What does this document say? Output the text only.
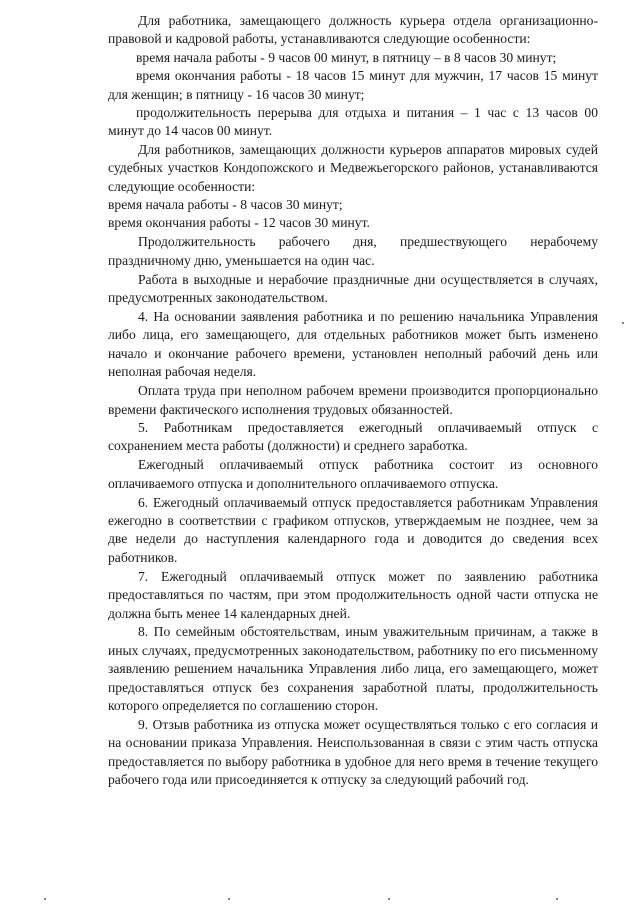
Для работника, замещающего должность курьера отдела организационно-правовой и кадровой работы, устанавливаются следующие особенности:

время начала работы - 9 часов 00 минут, в пятницу – в 8 часов 30 минут;

время окончания работы - 18 часов 15 минут для мужчин, 17 часов 15 минут для женщин; в пятницу - 16 часов 30 минут;

продолжительность перерыва для отдыха и питания – 1 час с 13 часов 00 минут до 14 часов 00 минут.

Для работников, замещающих должности курьеров аппаратов мировых судей судебных участков Кондопожского и Медвежьегорского районов, устанавливаются следующие особенности:

время начала работы - 8 часов 30 минут;

время окончания работы - 12 часов 30 минут.

Продолжительность рабочего дня, предшествующего нерабочему праздничному дню, уменьшается на один час.

Работа в выходные и нерабочие праздничные дни осуществляется в случаях, предусмотренных законодательством.

4. На основании заявления работника и по решению начальника Управления либо лица, его замещающего, для отдельных работников может быть изменено начало и окончание рабочего времени, установлен неполный рабочий день или неполная рабочая неделя.

Оплата труда при неполном рабочем времени производится пропорционально времени фактического исполнения трудовых обязанностей.

5. Работникам предоставляется ежегодный оплачиваемый отпуск с сохранением места работы (должности) и среднего заработка.

Ежегодный оплачиваемый отпуск работника состоит из основного оплачиваемого отпуска и дополнительного оплачиваемого отпуска.

6. Ежегодный оплачиваемый отпуск предоставляется работникам Управления ежегодно в соответствии с графиком отпусков, утверждаемым не позднее, чем за две недели до наступления календарного года и доводится до сведения всех работников.

7. Ежегодный оплачиваемый отпуск может по заявлению работника предоставляться по частям, при этом продолжительность одной части отпуска не должна быть менее 14 календарных дней.

8. По семейным обстоятельствам, иным уважительным причинам, а также в иных случаях, предусмотренных законодательством, работнику по его письменному заявлению решением начальника Управления либо лица, его замещающего, может предоставляться отпуск без сохранения заработной платы, продолжительность которого определяется по соглашению сторон.

9. Отзыв работника из отпуска может осуществляться только с его согласия и на основании приказа Управления. Неиспользованная в связи с этим часть отпуска предоставляется по выбору работника в удобное для него время в течение текущего рабочего года или присоединяется к отпуску за следующий рабочий год.
